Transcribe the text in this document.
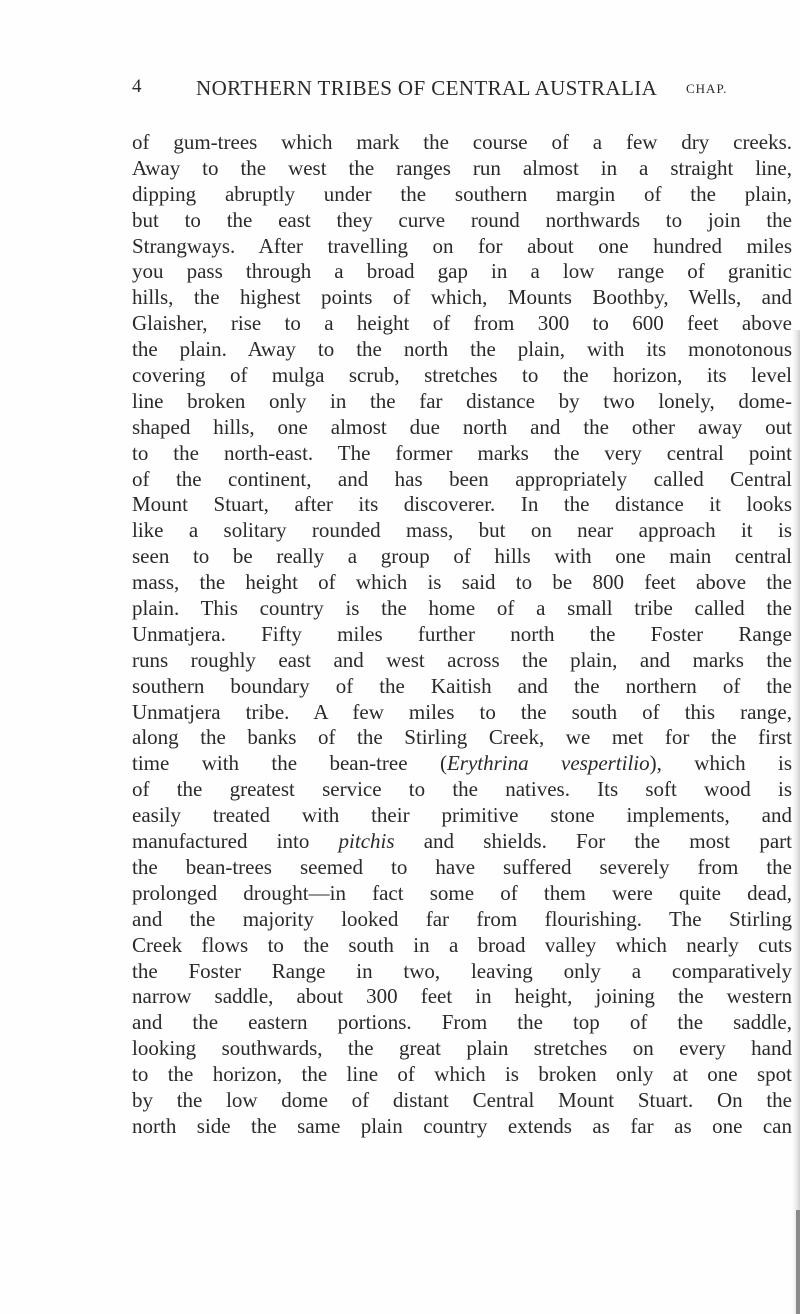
4	NORTHERN TRIBES OF CENTRAL AUSTRALIA CHAP.
of gum-trees which mark the course of a few dry creeks.
Away to the west the ranges run almost in a straight line,
dipping abruptly under the southern margin of the plain,
but to the east they curve round northwards to join the
Strangways. After travelling on for about one hundred miles
you pass through a broad gap in a low range of granitic
hills, the highest points of which, Mounts Boothby, Wells, and
Glaisher, rise to a height of from 300 to 600 feet above
the plain. Away to the north the plain, with its monotonous
covering of mulga scrub, stretches to the horizon, its level
line broken only in the far distance by two lonely, dome-
shaped hills, one almost due north and the other away out
to the north-east. The former marks the very central point
of the continent, and has been appropriately called Central
Mount Stuart, after its discoverer. In the distance it looks
like a solitary rounded mass, but on near approach it is
seen to be really a group of hills with one main central
mass, the height of which is said to be 800 feet above the
plain. This country is the home of a small tribe called the
Unmatjera. Fifty miles further north the Foster Range
runs roughly east and west across the plain, and marks the
southern boundary of the Kaitish and the northern of the
Unmatjera tribe. A few miles to the south of this range,
along the banks of the Stirling Creek, we met for the first
time with the bean-tree (Erythrina vespertilio), which is
of the greatest service to the natives. Its soft wood is
easily treated with their primitive stone implements, and
manufactured into pitchis and shields. For the most part
the bean-trees seemed to have suffered severely from the
prolonged drought—in fact some of them were quite dead,
and the majority looked far from flourishing. The Stirling
Creek flows to the south in a broad valley which nearly cuts
the Foster Range in two, leaving only a comparatively
narrow saddle, about 300 feet in height, joining the western
and the eastern portions. From the top of the saddle,
looking southwards, the great plain stretches on every hand
to the horizon, the line of which is broken only at one spot
by the low dome of distant Central Mount Stuart. On the
north side the same plain country extends as far as one can
